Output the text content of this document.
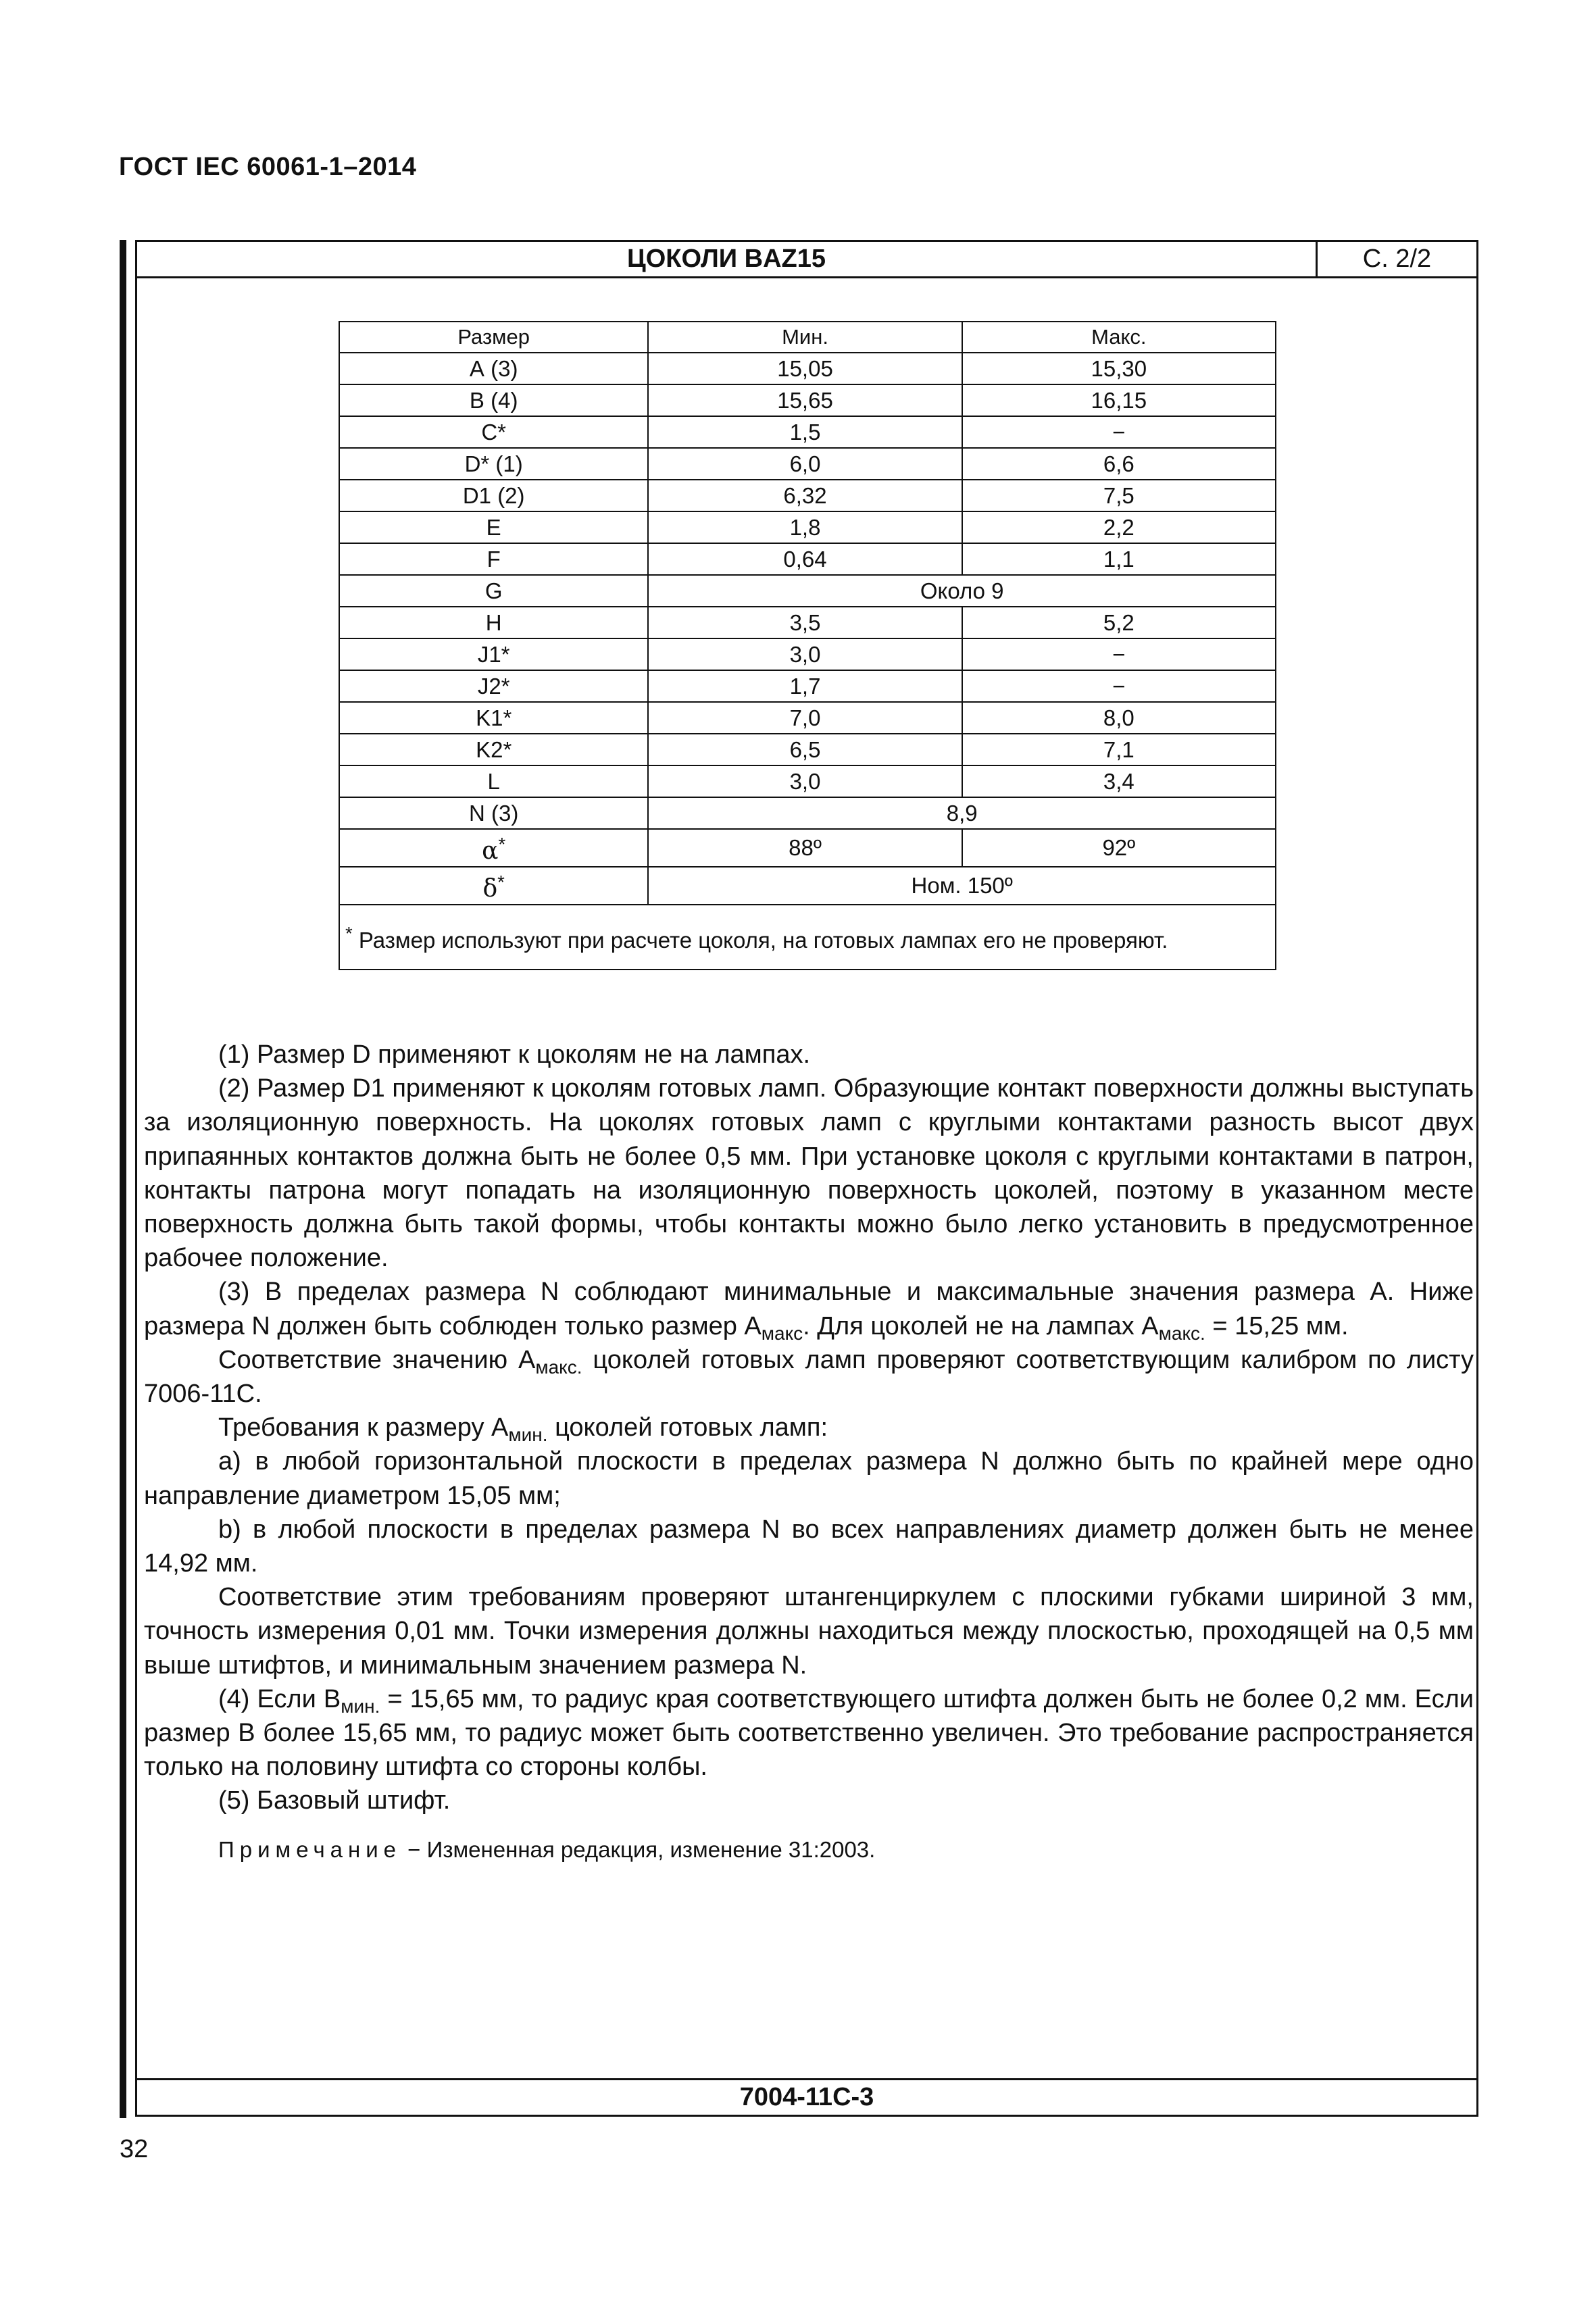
ГОСТ IEC 60061-1–2014
ЦОКОЛИ BAZ15	С. 2/2
Размер	Мин.	Макс.
А (3)	15,05	15,30
B (4)	15,65	16,15
C*	1,5	−
D* (1)	6,0	6,6
D1 (2)	6,32	7,5
E	1,8	2,2
F	0,64	1,1
G	Около 9	
H	3,5	5,2
J1*	3,0	−
J2*	1,7	−
K1*	7,0	8,0
K2*	6,5	7,1
L	3,0	3,4
N (3)	8,9	
α*	88º	92º
δ*	Ном. 150º	
* Размер используют при расчете цоколя, на готовых лампах его не проверяют.		

(1) Размер D применяют к цоколям не на лампах.

(2) Размер D1 применяют к цоколям готовых ламп. Образующие контакт поверхности должны выступать за изоляционную поверхность. На цоколях готовых ламп с круглыми контактами разность высот двух припаянных контактов должна быть не более 0,5 мм. При установке цоколя с круглыми контактами в патрон, контакты патрона могут попадать на изоляционную поверхность цоколей, поэтому в указанном месте поверхность должна быть такой формы, чтобы контакты можно было легко установить в предусмотренное рабочее положение.

(3) В пределах размера N соблюдают минимальные и максимальные значения размера А. Ниже размера N должен быть соблюден только размер $А_{макс}$. Для цоколей не на лампах $А_{макс.} = 15,25$ мм.

Соответствие значению $А_{макс.}$ цоколей готовых ламп проверяют соответствующим калибром по листу 7006-11С.

Требования к размеру $А_{мин.}$ цоколей готовых ламп:

а) в любой горизонтальной плоскости в пределах размера N должно быть по крайней мере одно направление диаметром 15,05 мм;

b) в любой плоскости в пределах размера N во всех направлениях диаметр должен быть не менее 14,92 мм.

Соответствие этим требованиям проверяют штангенциркулем с плоскими губками шириной 3 мм, точность измерения 0,01 мм. Точки измерения должны находиться между плоскостью, проходящей на 0,5 мм выше штифтов, и минимальным значением размера N.

(4) Если $В_{мин.} = 15,65$ мм, то радиус края соответствующего штифта должен быть не более 0,2 мм. Если размер B более 15,65 мм, то радиус может быть соответственно увеличен. Это требование распространяется только на половину штифта со стороны колбы.

(5) Базовый штифт.

Примечание − Измененная редакция, изменение 31:2003.

7004-11С-3
32
